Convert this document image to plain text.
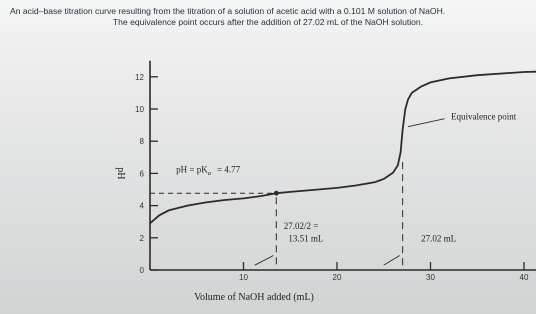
An acid–base titration curve resulting from the titration of a solution of acetic acid with a 0.101 M solution of NaOH.
The equivalence point occurs after the addition of 27.02 mL of the NaOH solution.
0
2
4
6
8
10
12
10	20	30	40
Volume of NaOH added (mL)
pH
Equivalence point
pH = $pK_a = 4.77$
27.02/2 =
13.51 mL	27.02 mL
